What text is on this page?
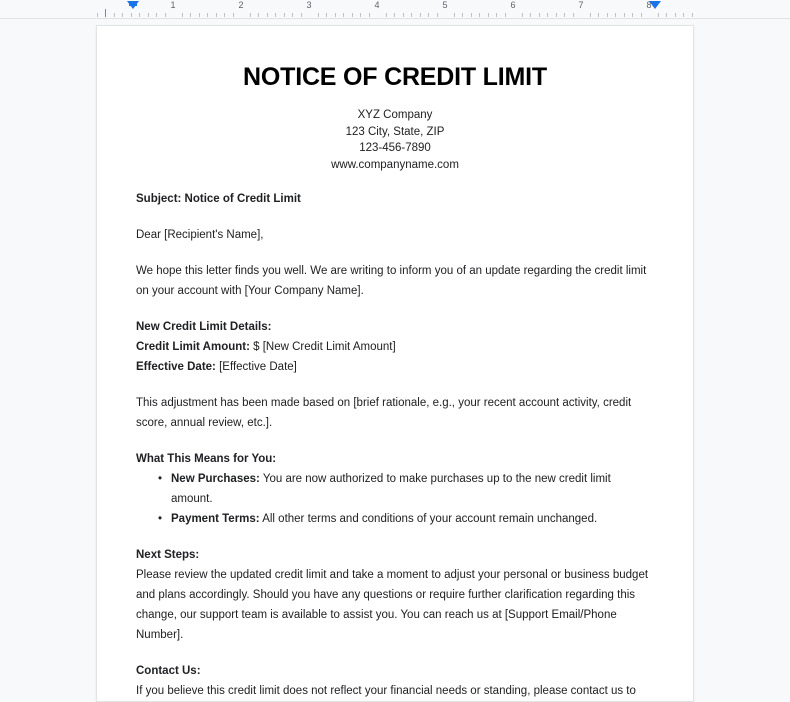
1	2	3	4	5	6	7	8
NOTICE OF CREDIT LIMIT
XYZ Company
123 City, State, ZIP
123-456-7890
www.companyname.com
Subject: Notice of Credit Limit
Dear [Recipient's Name],
We hope this letter finds you well. We are writing to inform you of an update regarding the credit limit on your account with [Your Company Name].
New Credit Limit Details:
Credit Limit Amount: $ [New Credit Limit Amount]
Effective Date: [Effective Date]
This adjustment has been made based on [brief rationale, e.g., your recent account activity, credit score, annual review, etc.].
What This Means for You:
• New Purchases: You are now authorized to make purchases up to the new credit limit amount.
• Payment Terms: All other terms and conditions of your account remain unchanged.
Next Steps:
Please review the updated credit limit and take a moment to adjust your personal or business budget and plans accordingly. Should you have any questions or require further clarification regarding this change, our support team is available to assist you. You can reach us at [Support Email/Phone Number].
Contact Us:
If you believe this credit limit does not reflect your financial needs or standing, please contact us to
